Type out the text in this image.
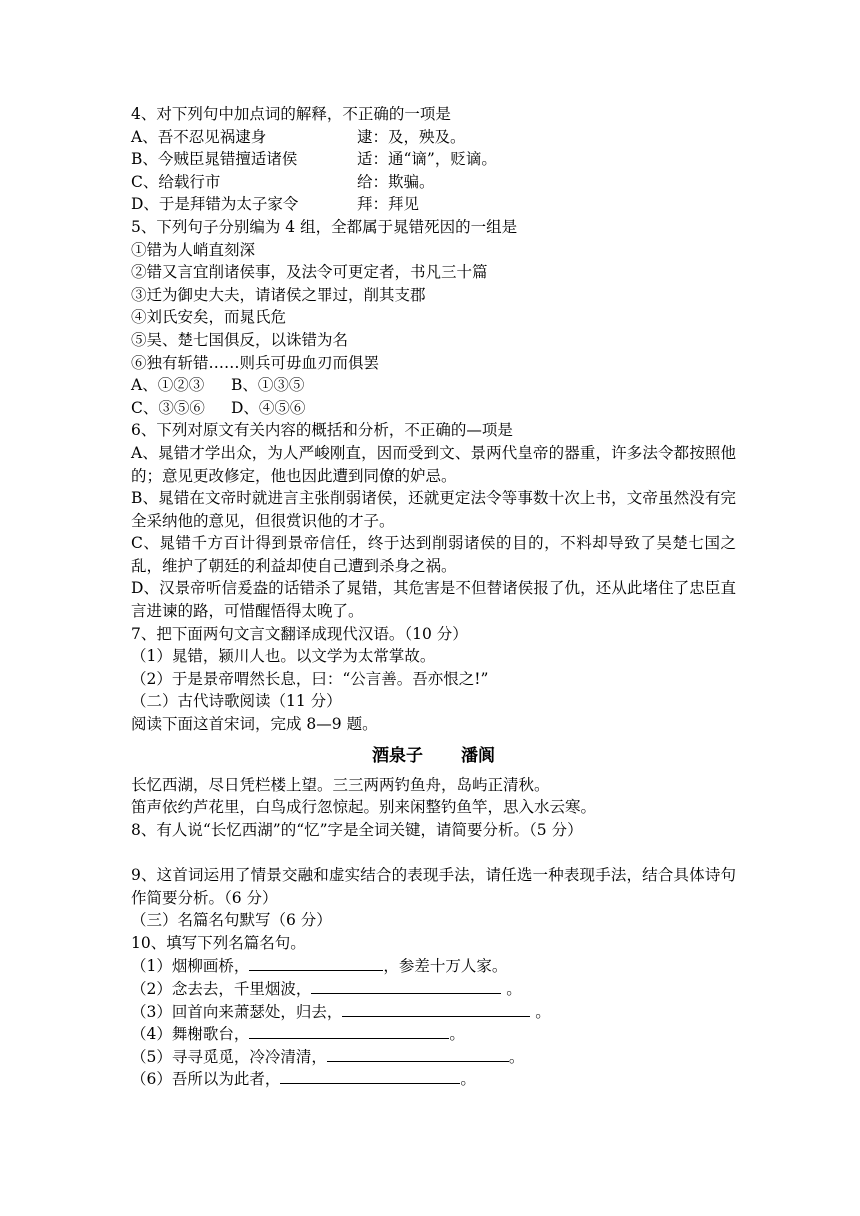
4、对下列句中加点词的解释，不正确的一项是
A、吾不忍见祸逮身	逮：及，殃及。
B、今贼臣晁错擅适诸侯	适：通“谪”，贬谪。
C、给载行市	给：欺骗。
D、于是拜错为太子家令	拜：拜见
5、下列句子分别编为 4 组，全都属于晁错死因的一组是
①错为人峭直刻深
②错又言宜削诸侯事，及法令可更定者，书凡三十篇
③迁为御史大夫，请诸侯之罪过，削其支郡
④刘氏安矣，而晁氏危
⑤吴、楚七国俱反，以诛错为名
⑥独有斩错……则兵可毋血刃而俱罢
A、①②③	B、①③⑤
C、③⑤⑥	D、④⑤⑥
6、下列对原文有关内容的概括和分析，不正确的—项是
A、晁错才学出众，为人严峻刚直，因而受到文、景两代皇帝的器重，许多法令都按照他的；意见更改修定，他也因此遭到同僚的妒忌。
B、晁错在文帝时就进言主张削弱诸侯，还就更定法令等事数十次上书，文帝虽然没有完全采纳他的意见，但很赏识他的才子。
C、晁错千方百计得到景帝信任，终于达到削弱诸侯的目的，不料却导致了吴楚七国之乱，维护了朝廷的利益却使自己遭到杀身之祸。
D、汉景帝听信爰盎的话错杀了晁错，其危害是不但替诸侯报了仇，还从此堵住了忠臣直言进谏的路，可惜醒悟得太晚了。
7、把下面两句文言文翻译成现代汉语。（10 分）
（1）晁错，颍川人也。以文学为太常掌故。
（2）于是景帝喟然长息，曰：“公言善。吾亦恨之!”
（二）古代诗歌阅读（11 分）
阅读下面这首宋词，完成 8—9 题。
酒泉子 潘阆
长忆西湖，尽日凭栏楼上望。三三两两钓鱼舟，岛屿正清秋。
笛声依约芦花里，白鸟成行忽惊起。别来闲整钓鱼竿，思入水云寒。
8、有人说“长忆西湖”的“忆”字是全词关键，请简要分析。（5 分）
9、这首词运用了情景交融和虚实结合的表现手法，请任选一种表现手法，结合具体诗句作简要分析。（6 分）
（三）名篇名句默写（6 分）
10、填写下列名篇名句。
（1）烟柳画桥，	，参差十万人家。
（2）念去去，千里烟波，	。
（3）回首向来萧瑟处，归去，	。
（4）舞榭歌台，	。
（5）寻寻觅觅，冷冷清清，	。
（6）吾所以为此者，	。
